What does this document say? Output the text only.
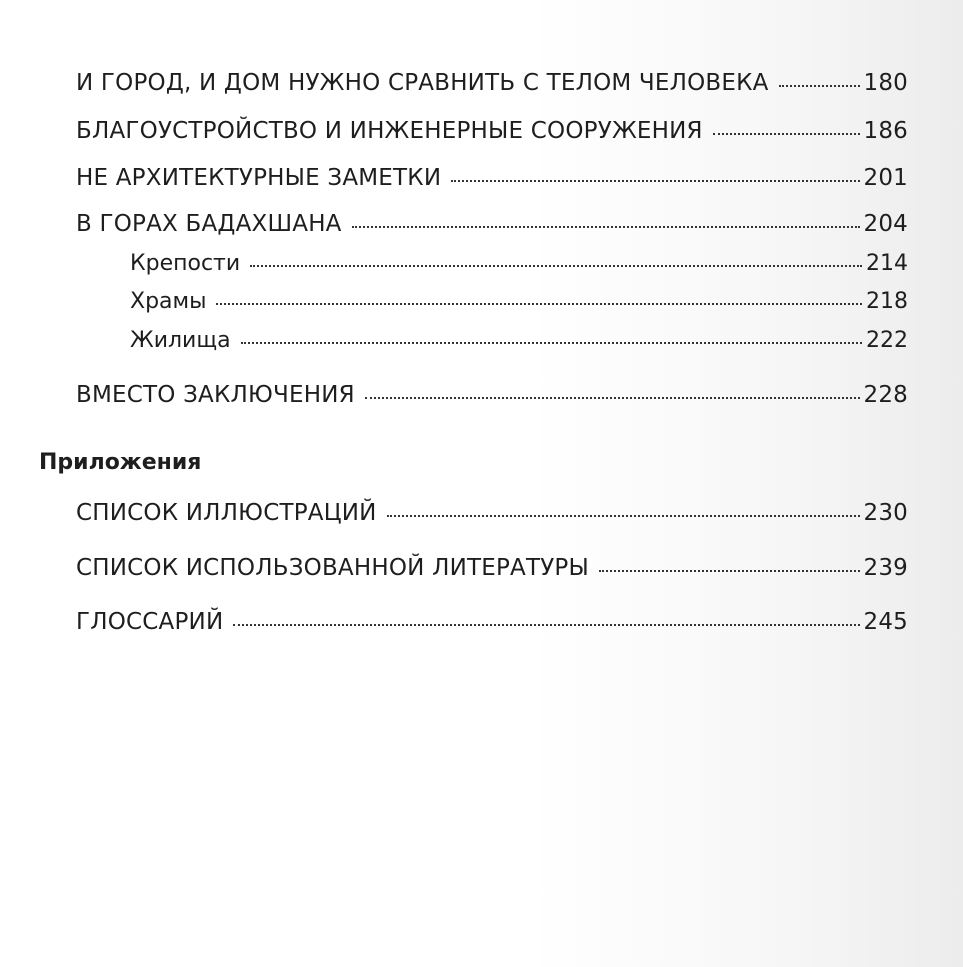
И ГОРОД, И ДОМ НУЖНО СРАВНИТЬ С ТЕЛОМ ЧЕЛОВЕКА	180
БЛАГОУСТРОЙСТВО И ИНЖЕНЕРНЫЕ СООРУЖЕНИЯ	186
НЕ АРХИТЕКТУРНЫЕ ЗАМЕТКИ	201
В ГОРАХ БАДАХШАНА	204
Крепости	214
Храмы	218
Жилища	222
ВМЕСТО ЗАКЛЮЧЕНИЯ	228
Приложения
СПИСОК ИЛЛЮСТРАЦИЙ	230
СПИСОК ИСПОЛЬЗОВАННОЙ ЛИТЕРАТУРЫ	239
ГЛОССАРИЙ	245
